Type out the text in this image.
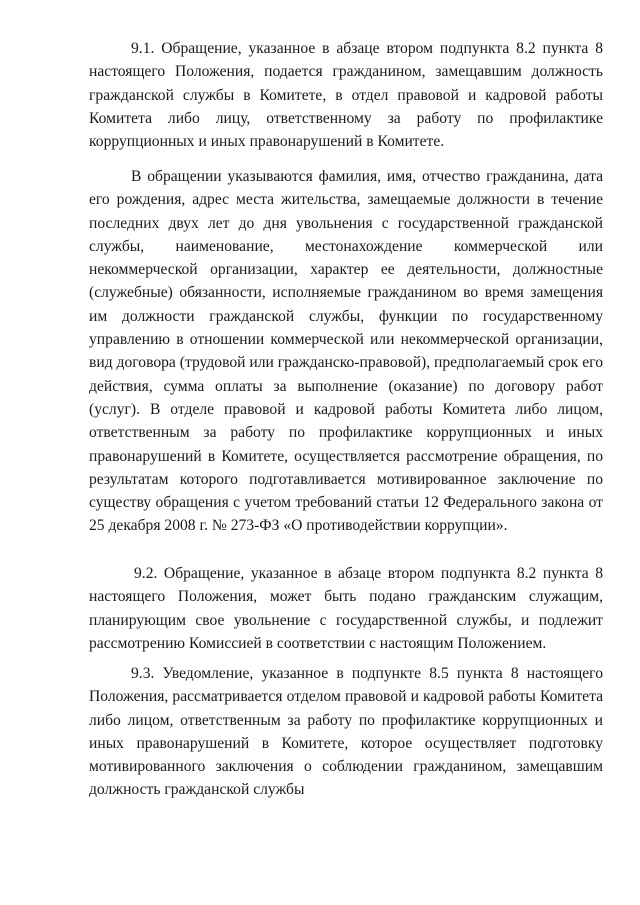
9.1. Обращение, указанное в абзаце втором подпункта 8.2 пункта 8 настоящего Положения, подается гражданином, замещавшим должность гражданской службы в Комитете, в отдел правовой и кадровой работы Комитета либо лицу, ответственному за работу по профилактике коррупционных и иных правонарушений в Комитете.

В обращении указываются фамилия, имя, отчество гражданина, дата его рождения, адрес места жительства, замещаемые должности в течение последних двух лет до дня увольнения с государственной гражданской службы, наименование, местонахождение коммерческой или некоммерческой организации, характер ее деятельности, должностные (служебные) обязанности, исполняемые гражданином во время замещения им должности гражданской службы, функции по государственному управлению в отношении коммерческой или некоммерческой организации, вид договора (трудовой или гражданско-правовой), предполагаемый срок его действия, сумма оплаты за выполнение (оказание) по договору работ (услуг). В отделе правовой и кадровой работы Комитета либо лицом, ответственным за работу по профилактике коррупционных и иных правонарушений в Комитете, осуществляется рассмотрение обращения, по результатам которого подготавливается мотивированное заключение по существу обращения с учетом требований статьи 12 Федерального закона от 25 декабря 2008 г. № 273-ФЗ «О противодействии коррупции».

9.2. Обращение, указанное в абзаце втором подпункта 8.2 пункта 8 настоящего Положения, может быть подано гражданским служащим, планирующим свое увольнение с государственной службы, и подлежит рассмотрению Комиссией в соответствии с настоящим Положением.

9.3. Уведомление, указанное в подпункте 8.5 пункта 8 настоящего Положения, рассматривается отделом правовой и кадровой работы Комитета либо лицом, ответственным за работу по профилактике коррупционных и иных правонарушений в Комитете, которое осуществляет подготовку мотивированного заключения о соблюдении гражданином, замещавшим должность гражданской службы
